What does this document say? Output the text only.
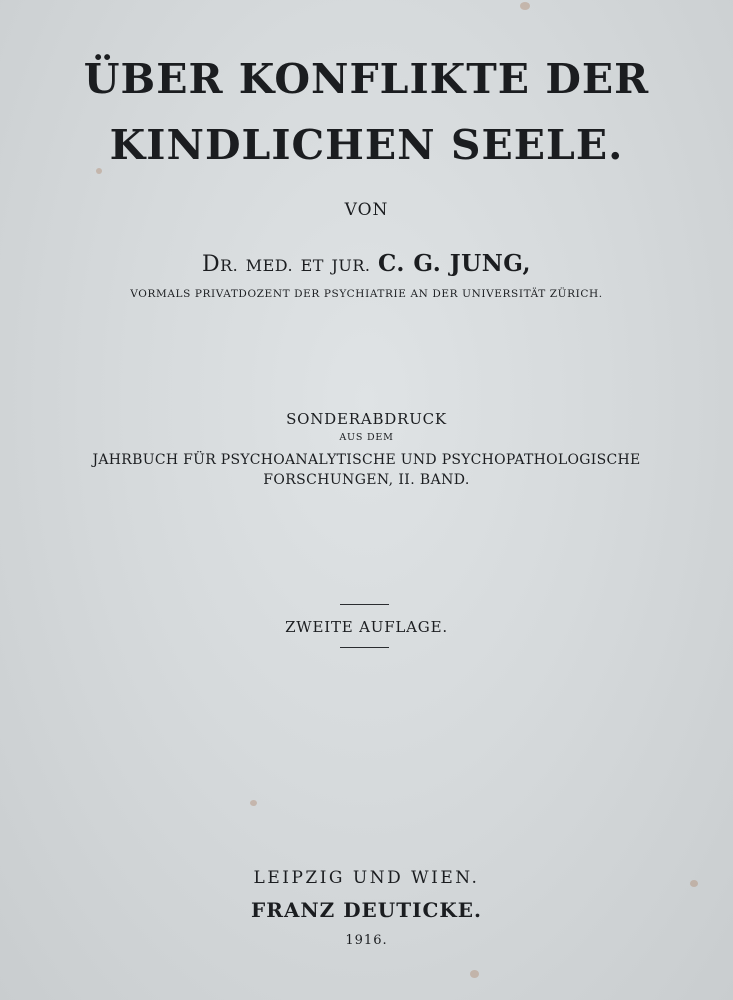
ÜBER KONFLIKTE DER
KINDLICHEN SEELE.
VON
DR. MED. ET JUR. C. G. JUNG,
VORMALS PRIVATDOZENT DER PSYCHIATRIE AN DER UNIVERSITÄT ZÜRICH.
SONDERABDRUCK
AUS DEM
JAHRBUCH FÜR PSYCHOANALYTISCHE UND PSYCHOPATHOLOGISCHE
FORSCHUNGEN, II. BAND.
ZWEITE AUFLAGE.
LEIPZIG UND WIEN.
FRANZ DEUTICKE.
1916.
